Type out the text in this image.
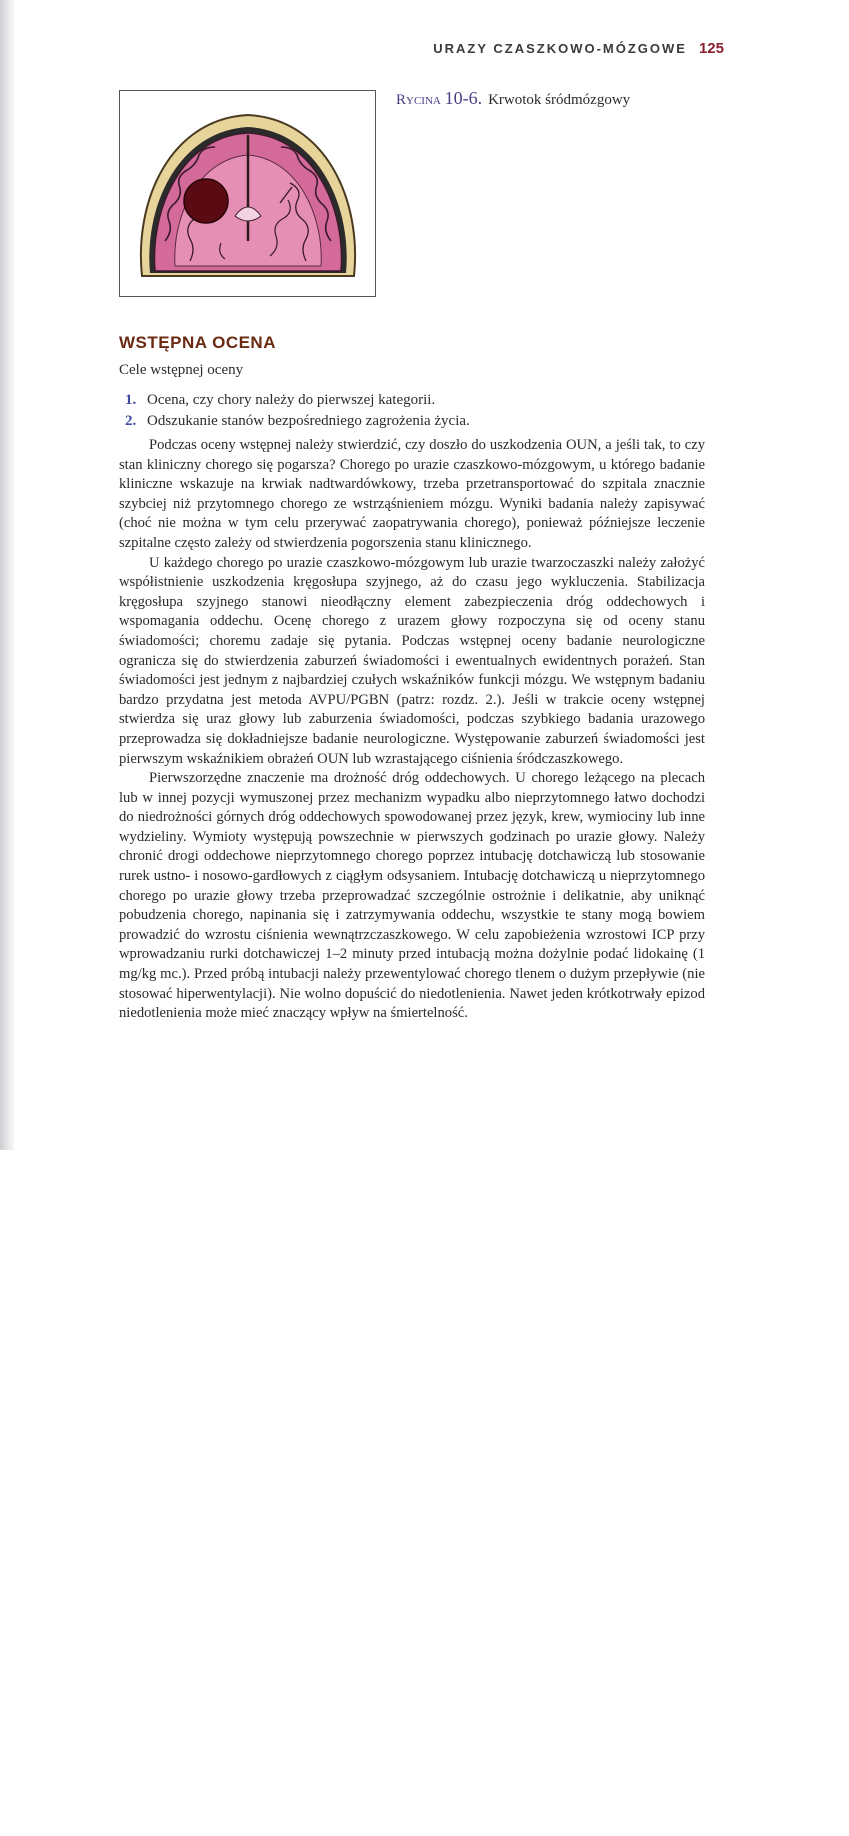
URAZY CZASZKOWO-MÓZGOWE 125
Rycina 10-6. Krwotok śródmózgowy
WSTĘPNA OCENA
Cele wstępnej oceny
1. Ocena, czy chory należy do pierwszej kategorii.
2. Odszukanie stanów bezpośredniego zagrożenia życia.

Podczas oceny wstępnej należy stwierdzić, czy doszło do uszkodzenia OUN, a jeśli tak, to czy stan kliniczny chorego się pogarsza? Chorego po urazie czaszkowo-mózgowym, u którego badanie kliniczne wskazuje na krwiak nadtwardówkowy, trzeba przetransportować do szpitala znacznie szybciej niż przytomnego chorego ze wstrząśnieniem mózgu. Wyniki badania należy zapisywać (choć nie można w tym celu przerywać zaopatrywania chorego), ponieważ późniejsze leczenie szpitalne często zależy od stwierdzenia pogorszenia stanu klinicznego.

U każdego chorego po urazie czaszkowo-mózgowym lub urazie twarzoczaszki należy założyć współistnienie uszkodzenia kręgosłupa szyjnego, aż do czasu jego wykluczenia. Stabilizacja kręgosłupa szyjnego stanowi nieodłączny element zabezpieczenia dróg oddechowych i wspomagania oddechu. Ocenę chorego z urazem głowy rozpoczyna się od oceny stanu świadomości; choremu zadaje się pytania. Podczas wstępnej oceny badanie neurologiczne ogranicza się do stwierdzenia zaburzeń świadomości i ewentualnych ewidentnych porażeń. Stan świadomości jest jednym z najbardziej czułych wskaźników funkcji mózgu. We wstępnym badaniu bardzo przydatna jest metoda AVPU/PGBN (patrz: rozdz. 2.). Jeśli w trakcie oceny wstępnej stwierdza się uraz głowy lub zaburzenia świadomości, podczas szybkiego badania urazowego przeprowadza się dokładniejsze badanie neurologiczne. Występowanie zaburzeń świadomości jest pierwszym wskaźnikiem obrażeń OUN lub wzrastającego ciśnienia śródczaszkowego.

Pierwszorzędne znaczenie ma drożność dróg oddechowych. U chorego leżącego na plecach lub w innej pozycji wymuszonej przez mechanizm wypadku albo nieprzytomnego łatwo dochodzi do niedrożności górnych dróg oddechowych spowodowanej przez język, krew, wymiociny lub inne wydzieliny. Wymioty występują powszechnie w pierwszych godzinach po urazie głowy. Należy chronić drogi oddechowe nieprzytomnego chorego poprzez intubację dotchawiczą lub stosowanie rurek ustno- i nosowo-gardłowych z ciągłym odsysaniem. Intubację dotchawiczą u nieprzytomnego chorego po urazie głowy trzeba przeprowadzać szczególnie ostrożnie i delikatnie, aby uniknąć pobudzenia chorego, napinania się i zatrzymywania oddechu, wszystkie te stany mogą bowiem prowadzić do wzrostu ciśnienia wewnątrzczaszkowego. W celu zapobieżenia wzrostowi ICP przy wprowadzaniu rurki dotchawiczej 1–2 minuty przed intubacją można dożylnie podać lidokainę (1 mg/kg mc.). Przed próbą intubacji należy przewentylować chorego tlenem o dużym przepływie (nie stosować hiperwentylacji). Nie wolno dopuścić do niedotlenienia. Nawet jeden krótkotrwały epizod niedotlenienia może mieć znaczący wpływ na śmiertelność.
